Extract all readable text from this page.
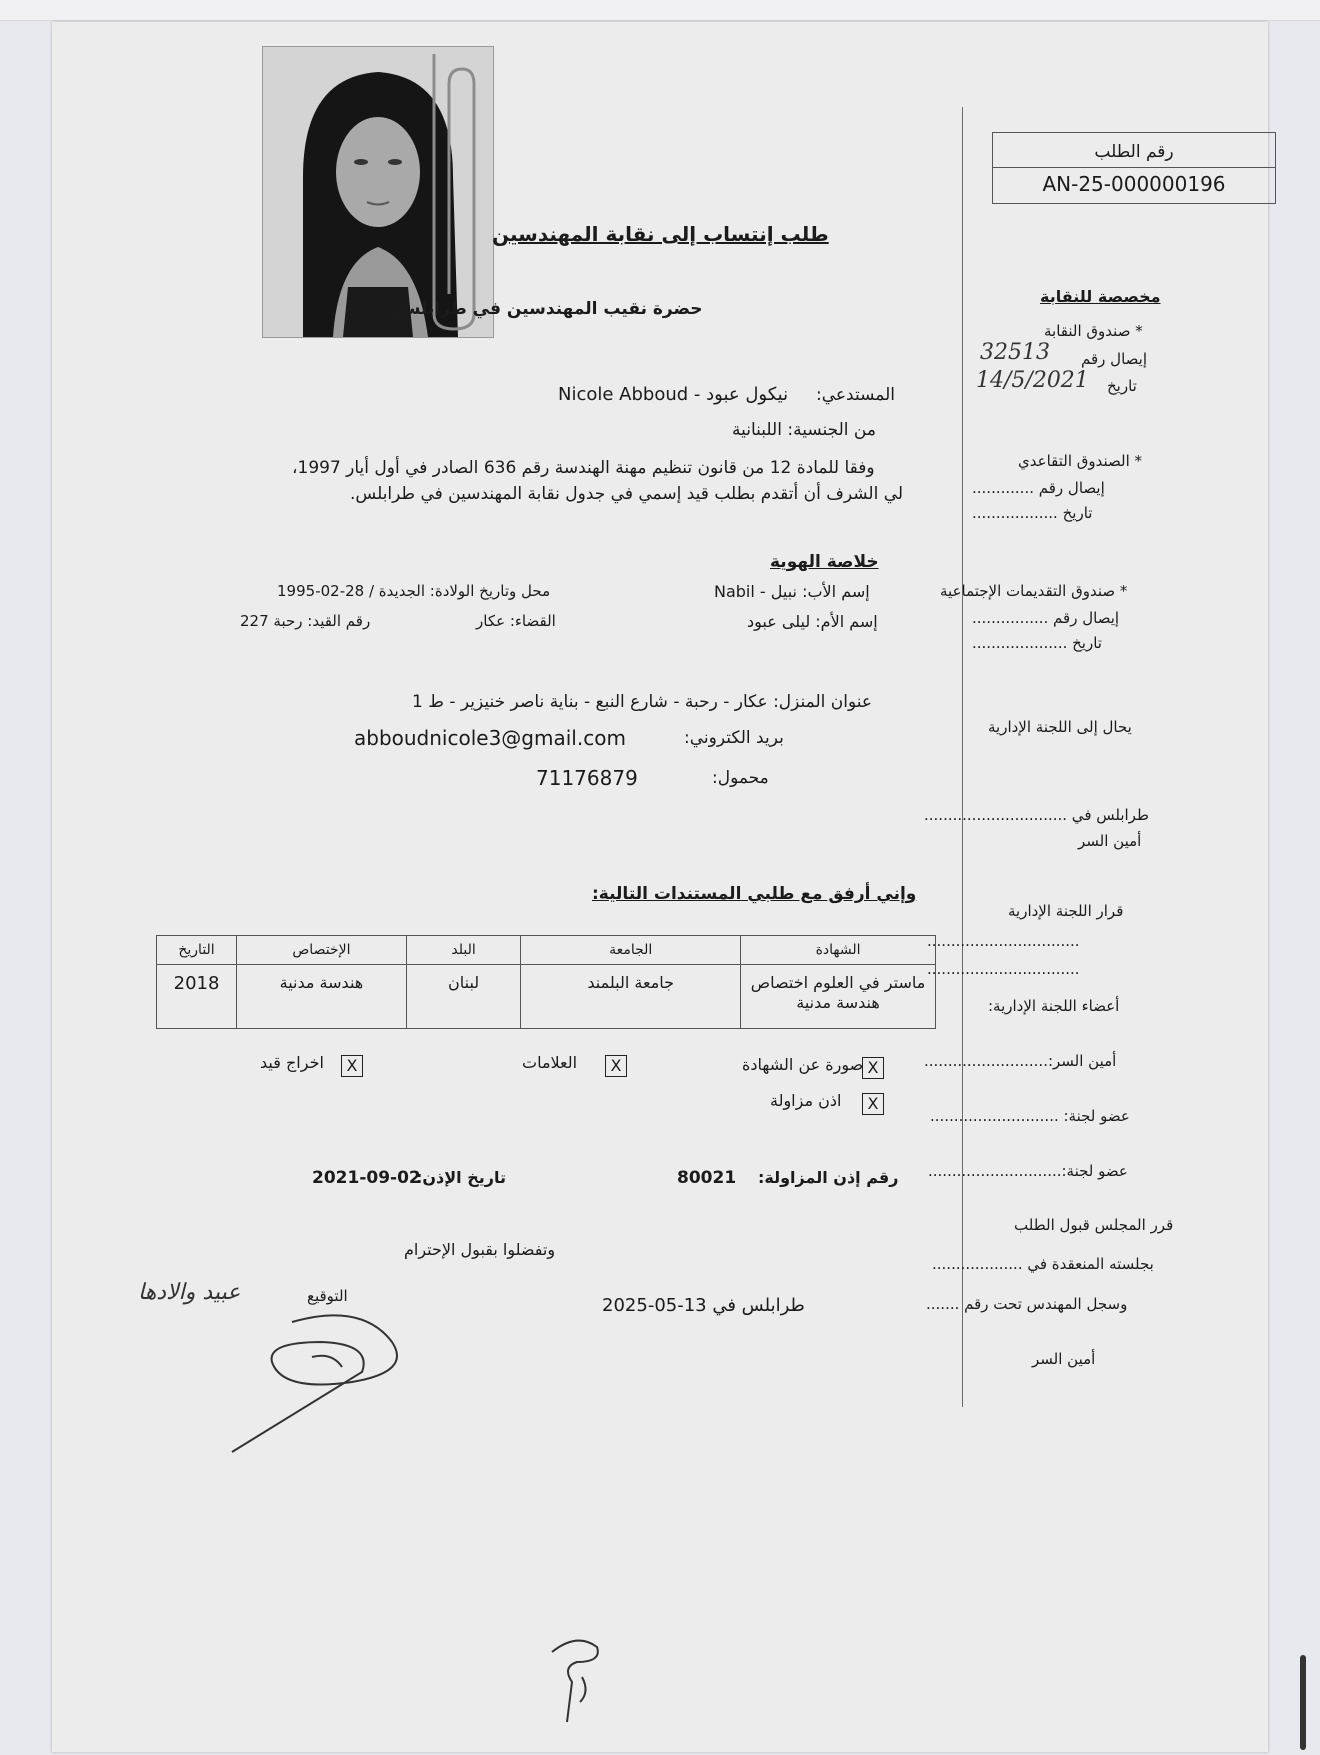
رقم الطلب
AN-25-000000196
طلب إنتساب إلى نقابة المهندسين
حضرة نقيب المهندسين في طرابلس
المستدعي:
نيكول عبود - Nicole Abboud
من الجنسية: اللبنانية
وفقا للمادة 12 من قانون تنظيم مهنة الهندسة رقم 636 الصادر في أول أيار 1997،
لي الشرف أن أتقدم بطلب قيد إسمي في جدول نقابة المهندسين في طرابلس.
خلاصة الهوية
إسم الأب: نبيل - Nabil
محل وتاريخ الولادة: الجديدة / 28-02-1995
إسم الأم: ليلى عبود
القضاء: عكار
رقم القيد: رحبة 227
عنوان المنزل: عكار - رحبة - شارع النبع - بناية ناصر خنيزير - ط 1
بريد الكتروني:
abboudnicole3@gmail.com
محمول:
71176879
وإني أرفق مع طلبي المستندات التالية:
الشهادة	الجامعة	البلد	الإختصاص	التاريخ
ماستر في العلوم اختصاص هندسة مدنية	جامعة البلمند	لبنان	هندسة مدنية	2018
X
صورة عن الشهادة
X
العلامات
X
اخراج قيد
X
اذن مزاولة
رقم إذن المزاولة:
80021
تاريخ الإذن:
2021-09-02
وتفضلوا بقبول الإحترام
طرابلس في 13-05-2025
التوقيع
عبيد والادها
مخصصة للنقابة
* صندوق النقابة
إيصال رقم
32513
تاريخ
14/5/2021
* الصندوق التقاعدي
إيصال رقم .............
تاريخ ..................
* صندوق التقديمات الإجتماعية
إيصال رقم ................
تاريخ ....................
يحال إلى اللجنة الإدارية
طرابلس في ..............................
أمين السر
قرار اللجنة الإدارية
................................
................................
أعضاء اللجنة الإدارية:
أمين السر:..........................
عضو لجنة: ...........................
عضو لجنة:............................
قرر المجلس قبول الطلب
بجلسته المنعقدة في ...................
وسجل المهندس تحت رقم .......
أمين السر
